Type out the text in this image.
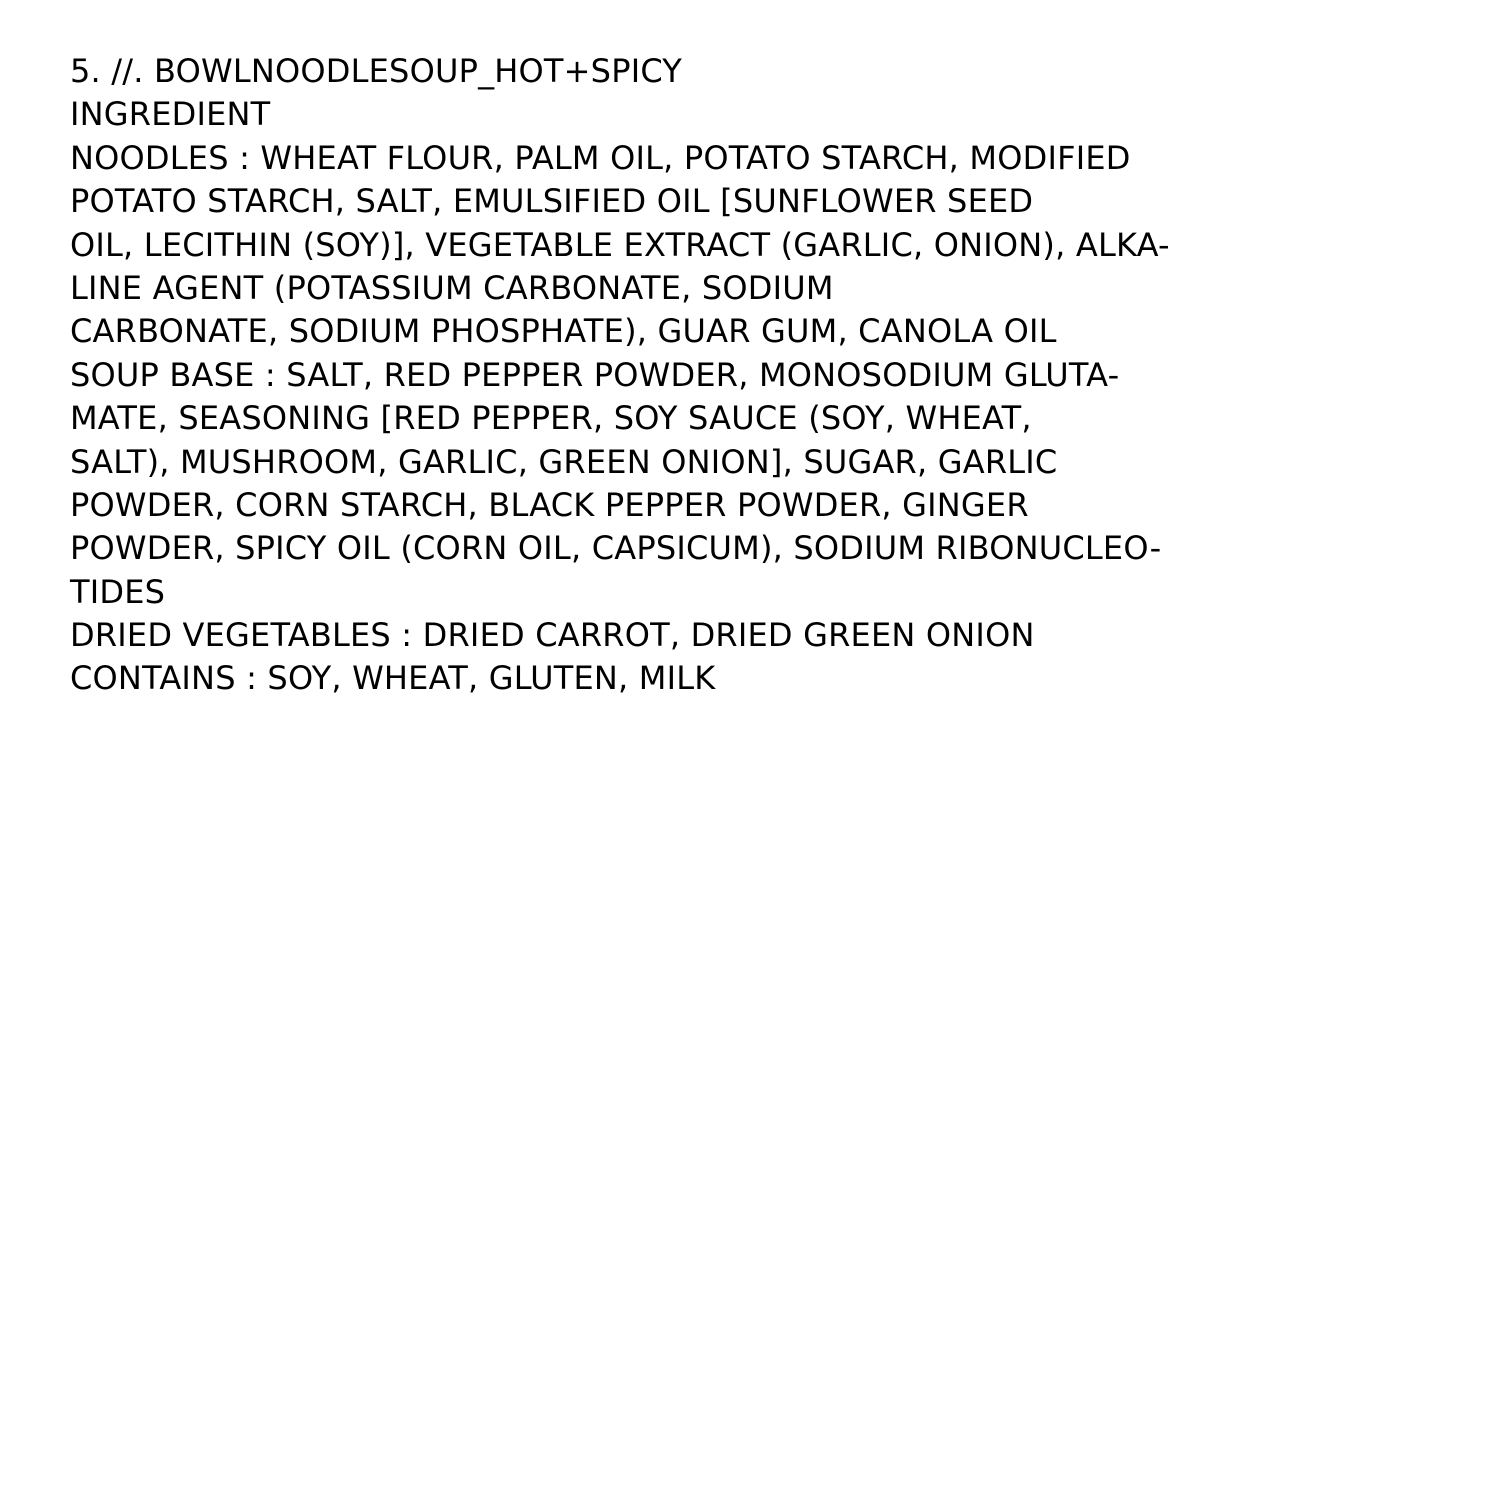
5. //. BOWLNOODLESOUP_HOT+SPICY
INGREDIENT
NOODLES : WHEAT FLOUR, PALM OIL, POTATO STARCH, MODIFIED
POTATO STARCH, SALT, EMULSIFIED OIL [SUNFLOWER SEED
OIL, LECITHIN (SOY)], VEGETABLE EXTRACT (GARLIC, ONION), ALKA-
LINE AGENT (POTASSIUM CARBONATE, SODIUM
CARBONATE, SODIUM PHOSPHATE), GUAR GUM, CANOLA OIL
SOUP BASE : SALT, RED PEPPER POWDER, MONOSODIUM GLUTA-
MATE, SEASONING [RED PEPPER, SOY SAUCE (SOY, WHEAT,
SALT), MUSHROOM, GARLIC, GREEN ONION], SUGAR, GARLIC
POWDER, CORN STARCH, BLACK PEPPER POWDER, GINGER
POWDER, SPICY OIL (CORN OIL, CAPSICUM), SODIUM RIBONUCLEO-
TIDES
DRIED VEGETABLES : DRIED CARROT, DRIED GREEN ONION
CONTAINS : SOY, WHEAT, GLUTEN, MILK
